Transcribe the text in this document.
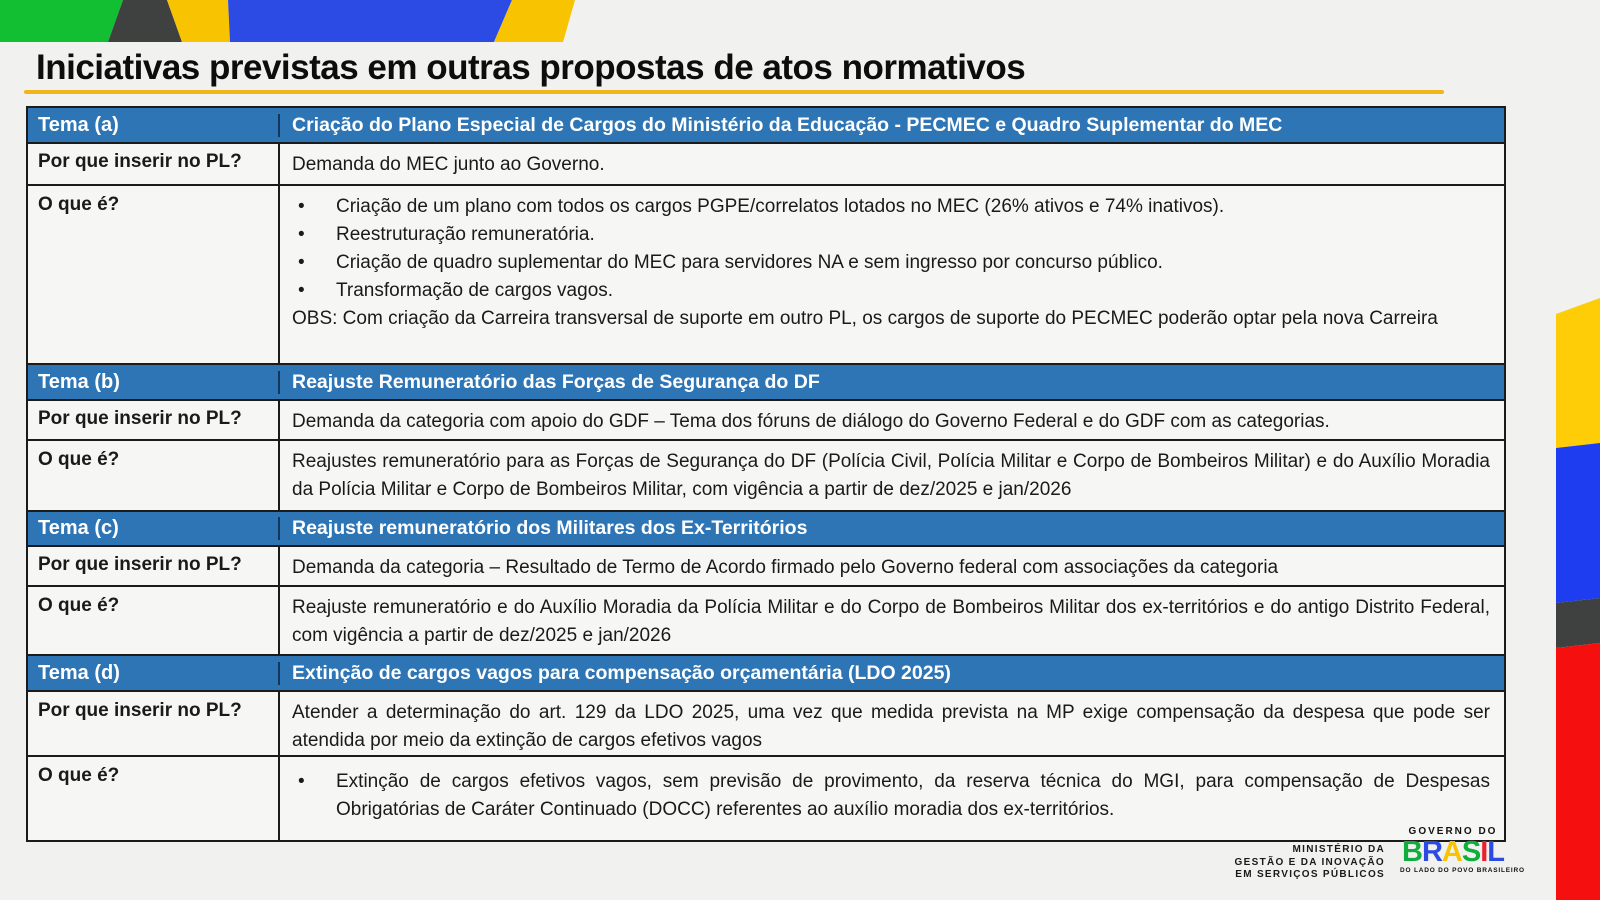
Iniciativas previstas em outras propostas de atos normativos
Tema (a)	Criação do Plano Especial de Cargos do Ministério da Educação - PECMEC e Quadro Suplementar do MEC
Por que inserir no PL?	Demanda do MEC junto ao Governo.
O que é?	•	Criação de um plano com todos os cargos PGPE/correlatos lotados no MEC (26% ativos e 74% inativos).
•	Reestruturação remuneratória.
•	Criação de quadro suplementar do MEC para servidores NA e sem ingresso por concurso público.
•	Transformação de cargos vagos.
OBS: Com criação da Carreira transversal de suporte em outro PL, os cargos de suporte do PECMEC poderão optar pela nova Carreira
Tema (b)	Reajuste Remuneratório das Forças de Segurança do DF
Por que inserir no PL?	Demanda da categoria com apoio do GDF – Tema dos fóruns de diálogo do Governo Federal e do GDF com as categorias.
O que é?	Reajustes remuneratório para as Forças de Segurança do DF (Polícia Civil, Polícia Militar e Corpo de Bombeiros Militar) e do Auxílio Moradia da Polícia Militar e Corpo de Bombeiros Militar, com vigência a partir de dez/2025 e jan/2026
Tema (c)	Reajuste remuneratório dos Militares dos Ex-Territórios
Por que inserir no PL?	Demanda da categoria – Resultado de Termo de Acordo firmado pelo Governo federal com associações da categoria
O que é?	Reajuste remuneratório e do Auxílio Moradia da Polícia Militar e do Corpo de Bombeiros Militar dos ex-territórios e do antigo Distrito Federal, com vigência a partir de dez/2025 e jan/2026
Tema (d)	Extinção de cargos vagos para compensação orçamentária (LDO 2025)
Por que inserir no PL?	Atender a determinação do art. 129 da LDO 2025, uma vez que medida prevista na MP exige compensação da despesa que pode ser atendida por meio da extinção de cargos efetivos vagos
O que é?	•	Extinção de cargos efetivos vagos, sem previsão de provimento, da reserva técnica do MGI, para compensação de Despesas Obrigatórias de Caráter Continuado (DOCC) referentes ao auxílio moradia dos ex-territórios.
MINISTÉRIO DA
GESTÃO E DA INOVAÇÃO
EM SERVIÇOS PÚBLICOS
GOVERNO DO
BRASIL
DO LADO DO POVO BRASILEIRO
